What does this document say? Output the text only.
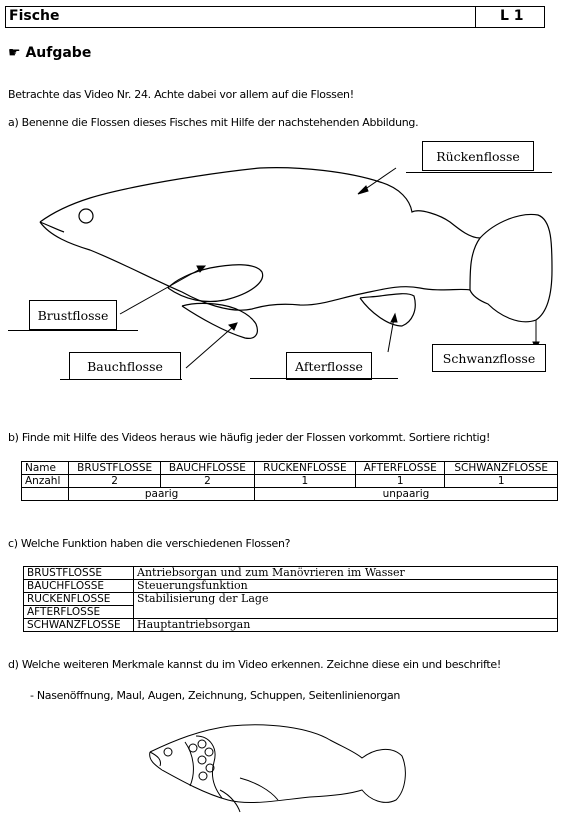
Fische	L 1
☛ Aufgabe
Betrachte das Video Nr. 24. Achte dabei vor allem auf die Flossen!
a) Benenne die Flossen dieses Fisches mit Hilfe der nachstehenden Abbildung.
Rückenflosse
Brustflosse
Bauchflosse	Afterflosse
Schwanzflosse
b) Finde mit Hilfe des Videos heraus wie häufig jeder der Flossen vorkommt. Sortiere richtig!
Name	BRUSTFLOSSE	BAUCHFLOSSE	RUCKENFLOSSE	AFTERFLOSSE	SCHWANZFLOSSE
Anzahl	2	2	1	1	1
	paarig		unpaarig		
c) Welche Funktion haben die verschiedenen Flossen?
BRUSTFLOSSE	Antriebsorgan und zum Manövrieren im Wasser
BAUCHFLOSSE	Steuerungsfunktion
RUCKENFLOSSE	Stabilisierung der Lage
AFTERFLOSSE	
SCHWANZFLOSSE	Hauptantriebsorgan
d) Welche weiteren Merkmale kannst du im Video erkennen. Zeichne diese ein und beschrifte!
- Nasenöffnung, Maul, Augen, Zeichnung, Schuppen, Seitenlinienorgan
